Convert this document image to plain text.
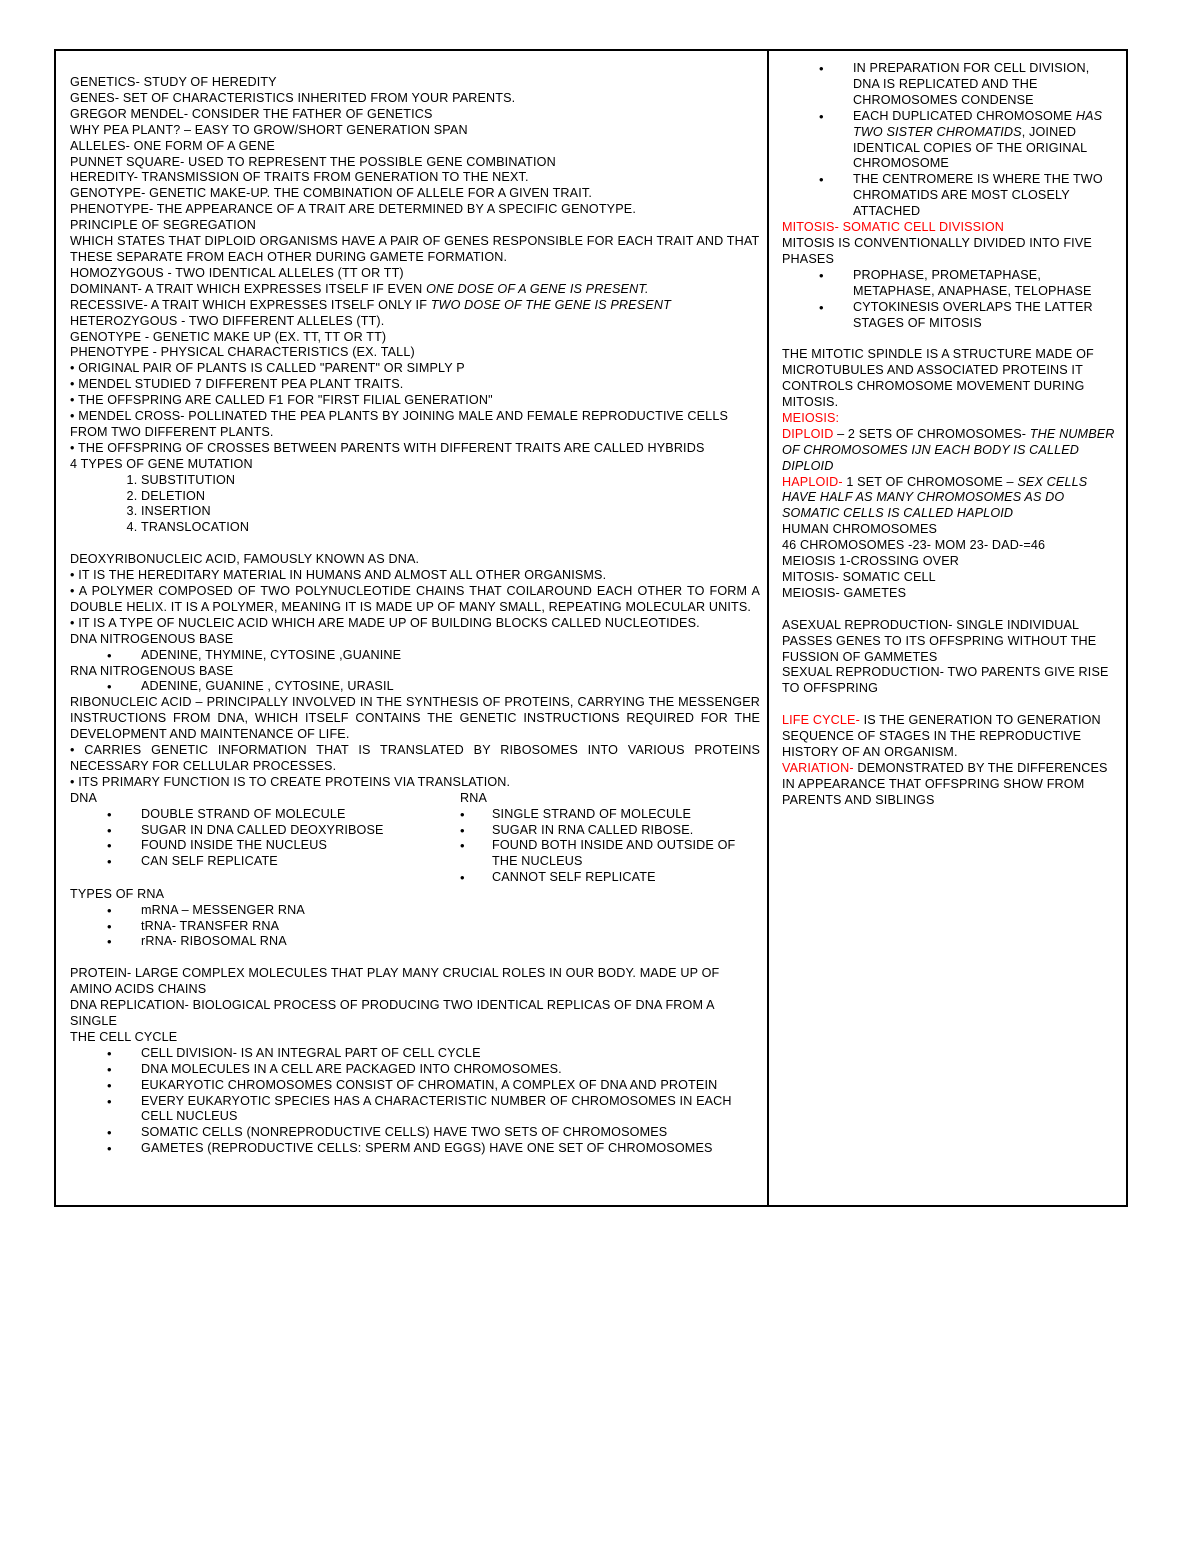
GENETICS- STUDY OF HEREDITY
GENES- SET OF CHARACTERISTICS INHERITED FROM YOUR PARENTS.
GREGOR MENDEL- CONSIDER THE FATHER OF GENETICS
WHY PEA PLANT? – EASY TO GROW/SHORT GENERATION SPAN
ALLELES- ONE FORM OF A GENE
PUNNET SQUARE- USED TO REPRESENT THE POSSIBLE GENE COMBINATION
HEREDITY- TRANSMISSION OF TRAITS FROM GENERATION TO THE NEXT.
GENOTYPE- GENETIC MAKE-UP. THE COMBINATION OF ALLELE FOR A GIVEN TRAIT.
PHENOTYPE- THE APPEARANCE OF A TRAIT ARE DETERMINED BY A SPECIFIC GENOTYPE.
PRINCIPLE OF SEGREGATION
WHICH STATES THAT DIPLOID ORGANISMS HAVE A PAIR OF GENES RESPONSIBLE FOR EACH TRAIT AND THAT THESE SEPARATE FROM EACH OTHER DURING GAMETE FORMATION.
HOMOZYGOUS - TWO IDENTICAL ALLELES (TT OR TT)
DOMINANT- A TRAIT WHICH EXPRESSES ITSELF IF EVEN ONE DOSE OF A GENE IS PRESENT.
RECESSIVE- A TRAIT WHICH EXPRESSES ITSELF ONLY IF TWO DOSE OF THE GENE IS PRESENT
HETEROZYGOUS - TWO DIFFERENT ALLELES (TT).
GENOTYPE - GENETIC MAKE UP (EX. TT, TT OR TT)
PHENOTYPE - PHYSICAL CHARACTERISTICS (EX. TALL)
• ORIGINAL PAIR OF PLANTS IS CALLED "PARENT" OR SIMPLY P
• MENDEL STUDIED 7 DIFFERENT PEA PLANT TRAITS.
• THE OFFSPRING ARE CALLED F1 FOR "FIRST FILIAL GENERATION"
• MENDEL CROSS- POLLINATED THE PEA PLANTS BY JOINING MALE AND FEMALE REPRODUCTIVE CELLS FROM TWO DIFFERENT PLANTS.
• THE OFFSPRING OF CROSSES BETWEEN PARENTS WITH DIFFERENT TRAITS ARE CALLED HYBRIDS
4 TYPES OF GENE MUTATION
1. SUBSTITUTION
2. DELETION
3. INSERTION
4. TRANSLOCATION
DEOXYRIBONUCLEIC ACID, FAMOUSLY KNOWN AS DNA.
• IT IS THE HEREDITARY MATERIAL IN HUMANS AND ALMOST ALL OTHER ORGANISMS.
• A POLYMER COMPOSED OF TWO POLYNUCLEOTIDE CHAINS THAT COILAROUND EACH OTHER TO FORM A DOUBLE HELIX. IT IS A POLYMER, MEANING IT IS MADE UP OF MANY SMALL, REPEATING MOLECULAR UNITS.
• IT IS A TYPE OF NUCLEIC ACID WHICH ARE MADE UP OF BUILDING BLOCKS CALLED NUCLEOTIDES.
DNA NITROGENOUS BASE
• ADENINE, THYMINE, CYTOSINE ,GUANINE
RNA NITROGENOUS BASE
• ADENINE, GUANINE , CYTOSINE, URASIL
RIBONUCLEIC ACID – PRINCIPALLY INVOLVED IN THE SYNTHESIS OF PROTEINS, CARRYING THE MESSENGER INSTRUCTIONS FROM DNA, WHICH ITSELF CONTAINS THE GENETIC INSTRUCTIONS REQUIRED FOR THE DEVELOPMENT AND MAINTENANCE OF LIFE.
• CARRIES GENETIC INFORMATION THAT IS TRANSLATED BY RIBOSOMES INTO VARIOUS PROTEINS NECESSARY FOR CELLULAR PROCESSES.
• ITS PRIMARY FUNCTION IS TO CREATE PROTEINS VIA TRANSLATION.
DNA
• DOUBLE STRAND OF MOLECULE
• SUGAR IN DNA CALLED DEOXYRIBOSE
• FOUND INSIDE THE NUCLEUS
• CAN SELF REPLICATE
RNA
• SINGLE STRAND OF MOLECULE
• SUGAR IN RNA CALLED RIBOSE.
• FOUND BOTH INSIDE AND OUTSIDE OF THE NUCLEUS
• CANNOT SELF REPLICATE
TYPES OF RNA
• mRNA – MESSENGER RNA
• tRNA- TRANSFER RNA
• rRNA- RIBOSOMAL RNA
PROTEIN- LARGE COMPLEX MOLECULES THAT PLAY MANY CRUCIAL ROLES IN OUR BODY. MADE UP OF AMINO ACIDS CHAINS
DNA REPLICATION- BIOLOGICAL PROCESS OF PRODUCING TWO IDENTICAL REPLICAS OF DNA FROM A SINGLE
THE CELL CYCLE
• CELL DIVISION- IS AN INTEGRAL PART OF CELL CYCLE
• DNA MOLECULES IN A CELL ARE PACKAGED INTO CHROMOSOMES.
• EUKARYOTIC CHROMOSOMES CONSIST OF CHROMATIN, A COMPLEX OF DNA AND PROTEIN
• EVERY EUKARYOTIC SPECIES HAS A CHARACTERISTIC NUMBER OF CHROMOSOMES IN EACH CELL NUCLEUS
• SOMATIC CELLS (NONREPRODUCTIVE CELLS) HAVE TWO SETS OF CHROMOSOMES
• GAMETES (REPRODUCTIVE CELLS: SPERM AND EGGS) HAVE ONE SET OF CHROMOSOMES
• IN PREPARATION FOR CELL DIVISION, DNA IS REPLICATED AND THE CHROMOSOMES CONDENSE
• EACH DUPLICATED CHROMOSOME HAS TWO SISTER CHROMATIDS, JOINED IDENTICAL COPIES OF THE ORIGINAL CHROMOSOME
• THE CENTROMERE IS WHERE THE TWO CHROMATIDS ARE MOST CLOSELY ATTACHED
MITOSIS- SOMATIC CELL DIVISSION
MITOSIS IS CONVENTIONALLY DIVIDED INTO FIVE PHASES
• PROPHASE, PROMETAPHASE, METAPHASE, ANAPHASE, TELOPHASE
• CYTOKINESIS OVERLAPS THE LATTER STAGES OF MITOSIS
THE MITOTIC SPINDLE IS A STRUCTURE MADE OF MICROTUBULES AND ASSOCIATED PROTEINS IT CONTROLS CHROMOSOME MOVEMENT DURING MITOSIS.
MEIOSIS:
DIPLOID – 2 SETS OF CHROMOSOMES- THE NUMBER OF CHROMOSOMES IJN EACH BODY IS CALLED DIPLOID
HAPLOID- 1 SET OF CHROMOSOME – SEX CELLS HAVE HALF AS MANY CHROMOSOMES AS DO SOMATIC CELLS IS CALLED HAPLOID
HUMAN CHROMOSOMES
46 CHROMOSOMES -23- MOM 23- DAD-=46
MEIOSIS 1-CROSSING OVER
MITOSIS- SOMATIC CELL
MEIOSIS- GAMETES
ASEXUAL REPRODUCTION- SINGLE INDIVIDUAL PASSES GENES TO ITS OFFSPRING WITHOUT THE FUSSION OF GAMMETES
SEXUAL REPRODUCTION- TWO PARENTS GIVE RISE TO OFFSPRING
LIFE CYCLE- IS THE GENERATION TO GENERATION SEQUENCE OF STAGES IN THE REPRODUCTIVE HISTORY OF AN ORGANISM.
VARIATION- DEMONSTRATED BY THE DIFFERENCES IN APPEARANCE THAT OFFSPRING SHOW FROM PARENTS AND SIBLINGS
